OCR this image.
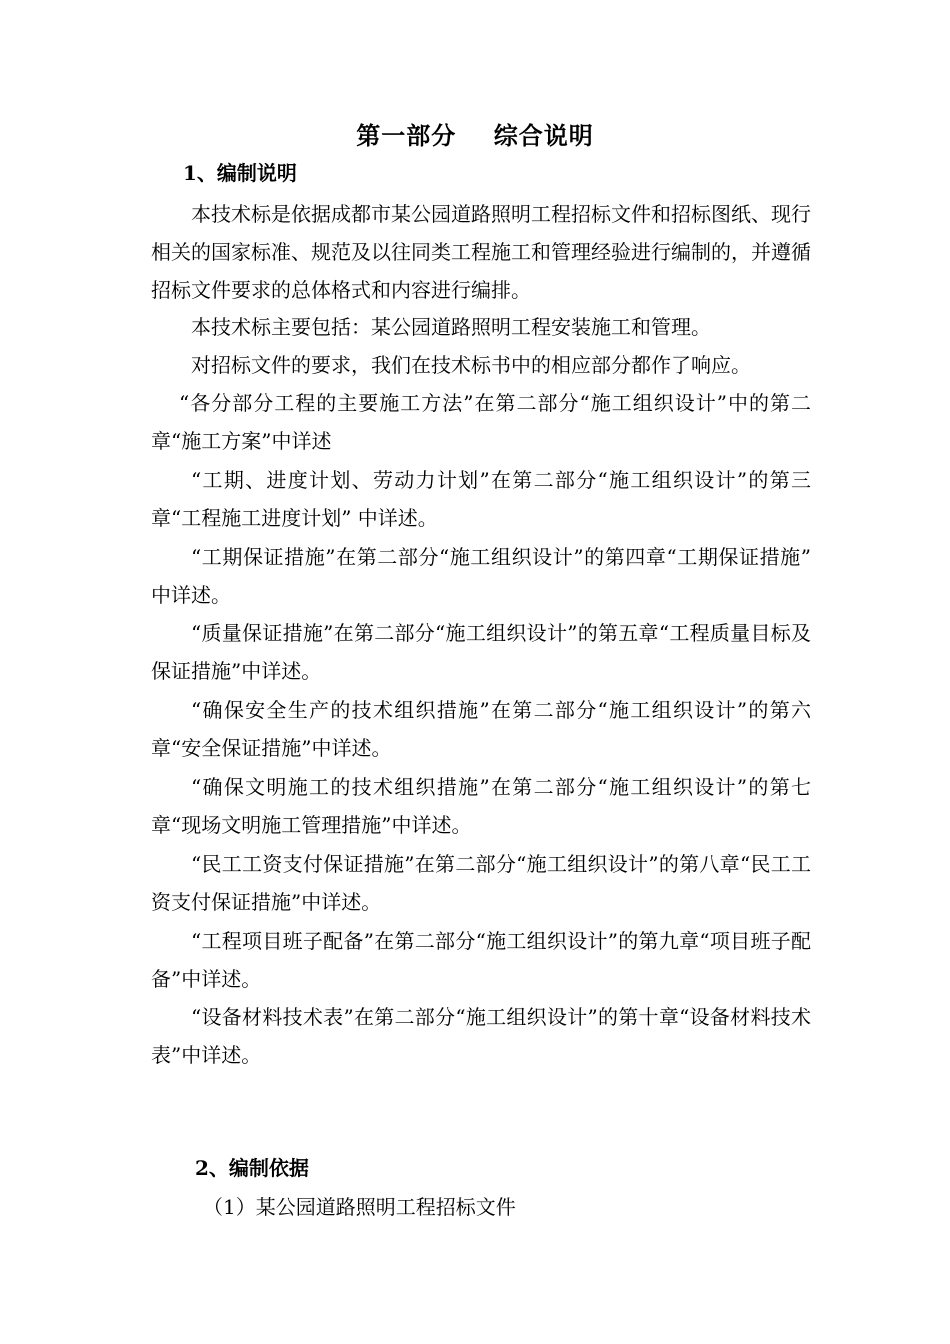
第一部分    综合说明
1、编制说明

本技术标是依据成都市某公园道路照明工程招标文件和招标图纸、现行相关的国家标准、规范及以往同类工程施工和管理经验进行编制的，并遵循招标文件要求的总体格式和内容进行编排。

本技术标主要包括：某公园道路照明工程安装施工和管理。

对招标文件的要求，我们在技术标书中的相应部分都作了响应。

“各分部分工程的主要施工方法”在第二部分“施工组织设计”中的第二章“施工方案”中详述

“工期、进度计划、劳动力计划”在第二部分“施工组织设计”的第三章“工程施工进度计划” 中详述。

“工期保证措施”在第二部分“施工组织设计”的第四章“工期保证措施” 中详述。

“质量保证措施”在第二部分“施工组织设计”的第五章“工程质量目标及保证措施”中详述。

“确保安全生产的技术组织措施”在第二部分“施工组织设计”的第六章“安全保证措施”中详述。

“确保文明施工的技术组织措施”在第二部分“施工组织设计”的第七章“现场文明施工管理措施”中详述。

“民工工资支付保证措施”在第二部分“施工组织设计”的第八章“民工工资支付保证措施”中详述。

“工程项目班子配备”在第二部分“施工组织设计”的第九章“项目班子配备”中详述。

“设备材料技术表”在第二部分“施工组织设计”的第十章“设备材料技术表”中详述。

2、编制依据
（1）某公园道路照明工程招标文件
